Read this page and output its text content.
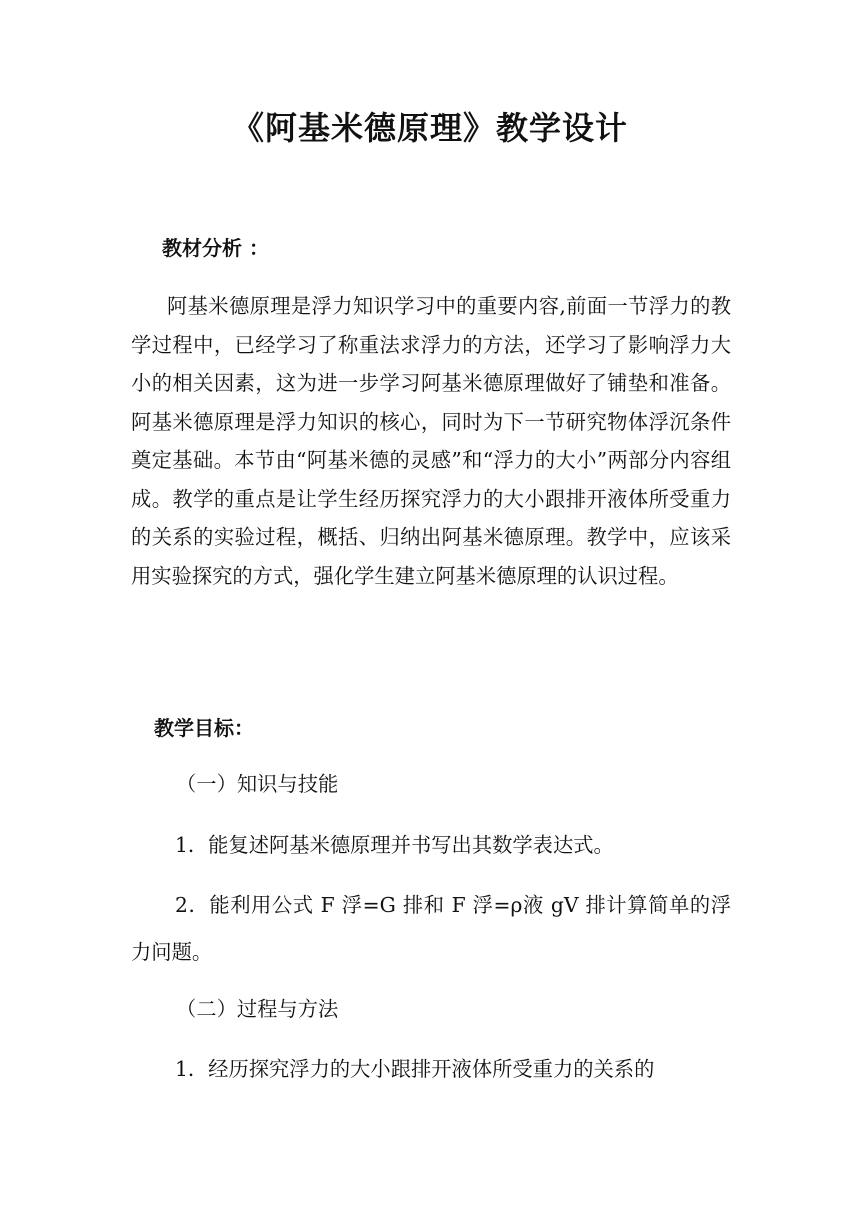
《阿基米德原理》教学设计
教材分析 ：

阿基米德原理是浮力知识学习中的重要内容,前面一节浮力的教学过程中，已经学习了称重法求浮力的方法，还学习了影响浮力大小的相关因素，这为进一步学习阿基米德原理做好了铺垫和准备。阿基米德原理是浮力知识的核心，同时为下一节研究物体浮沉条件奠定基础。本节由“阿基米德的灵感”和“浮力的大小”两部分内容组成。教学的重点是让学生经历探究浮力的大小跟排开液体所受重力的关系的实验过程，概括、归纳出阿基米德原理。教学中，应该采用实验探究的方式，强化学生建立阿基米德原理的认识过程。

教学目标：
（一）知识与技能

1．能复述阿基米德原理并书写出其数学表达式。

2．能利用公式 F 浮=G 排和 F 浮=ρ液 gV 排计算简单的浮力问题。

（二）过程与方法

1．经历探究浮力的大小跟排开液体所受重力的关系的
